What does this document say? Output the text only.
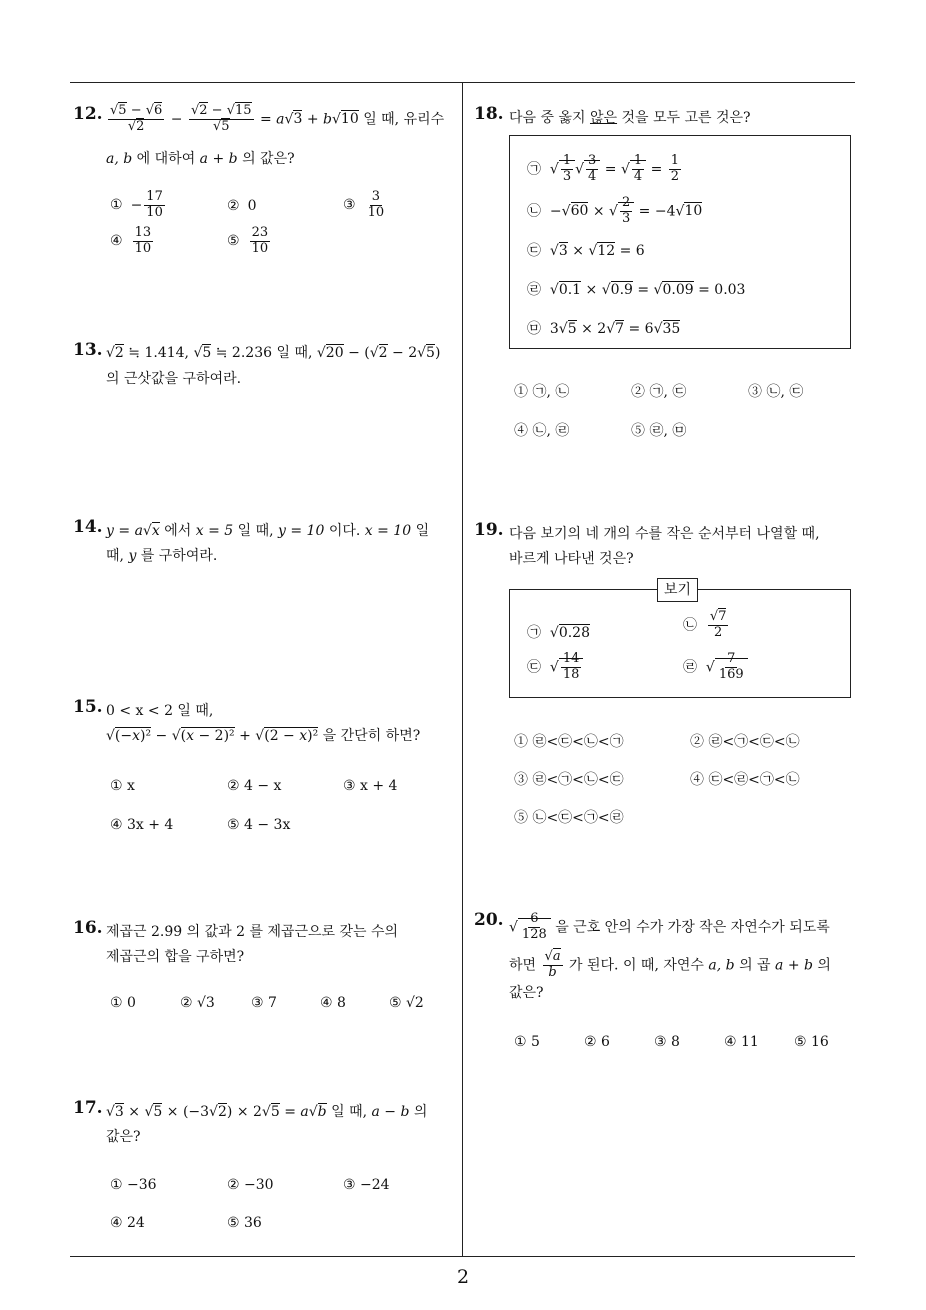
12. $\frac{√5 - √6}{√2} - \frac{√2 - √15}{√5} = a√3 + b√10$ 일 때, 유리수
a, b 에 대하여 a + b 의 값은?
① − $\frac{17}{10}$	② 0	③ $\frac{3}{10}$
④ $\frac{13}{10}$	⑤ $\frac{23}{10}$
13. √2 ≒ 1.414, √5 ≒ 2.236 일 때, √20 − (√2 − 2√5)
의 근삿값을 구하여라.
14. y = a√x 에서 x = 5 일 때, y = 10 이다. x = 10 일
때, y 를 구하여라.
15. 0 < x < 2 일 때,
√(−x)² − √(x − 2)² + √(2 − x)² 을 간단히 하면?
① x	② 4 − x	③ x + 4
④ 3x + 4	⑤ 4 − 3x
16. 제곱근 2.9̇9̇ 의 값과 2 를 제곱근으로 갖는 수의
제곱근의 합을 구하면?
① 0	② √3	③ 7	④ 8	⑤ √2
17. √3 × √5 × (−3√2) × 2√5 = a√b 일 때, a − b 의
값은?
① −36	② −30	③ −24
④ 24	⑤ 36
18. 다음 중 옳지 않은 것을 모두 고른 것은?
㉠  √ $\frac{1}{3}$ √ $\frac{3}{4}$ = √ $\frac{1}{4} = \frac{1}{2}$
㉡  −√60 × √ $\frac{2}{3} = -4√10$
㉢  √3 × √12 = 6
㉣  √0.1 × √0.9 = √0.09 = 0.03
㉤  3√5 × 2√7 = 6√35
① ㉠, ㉡	② ㉠, ㉢	③ ㉡, ㉢
④ ㉡, ㉣	⑤ ㉣, ㉤
19. 다음 보기의 네 개의 수를 작은 순서부터 나열할 때,
바르게 나타낸 것은?
㉠  √0.28	㉡ $\frac{√7}{2}$
㉢  √ $\frac{14}{18}$	㉣  √ $\frac{7}{169}$
보기
① ㉣<㉢<㉡<㉠	② ㉣<㉠<㉢<㉡
③ ㉣<㉠<㉡<㉢	④ ㉢<㉣<㉠<㉡
⑤ ㉡<㉢<㉠<㉣
20. √ $\frac{6}{128}$ 을 근호 안의 수가 가장 작은 자연수가 되도록
하면 $\frac{√a}{b}$ 가 된다. 이 때, 자연수 a, b 의 곱 a + b 의
값은?
① 5	② 6	③ 8	④ 11	⑤ 16
2
